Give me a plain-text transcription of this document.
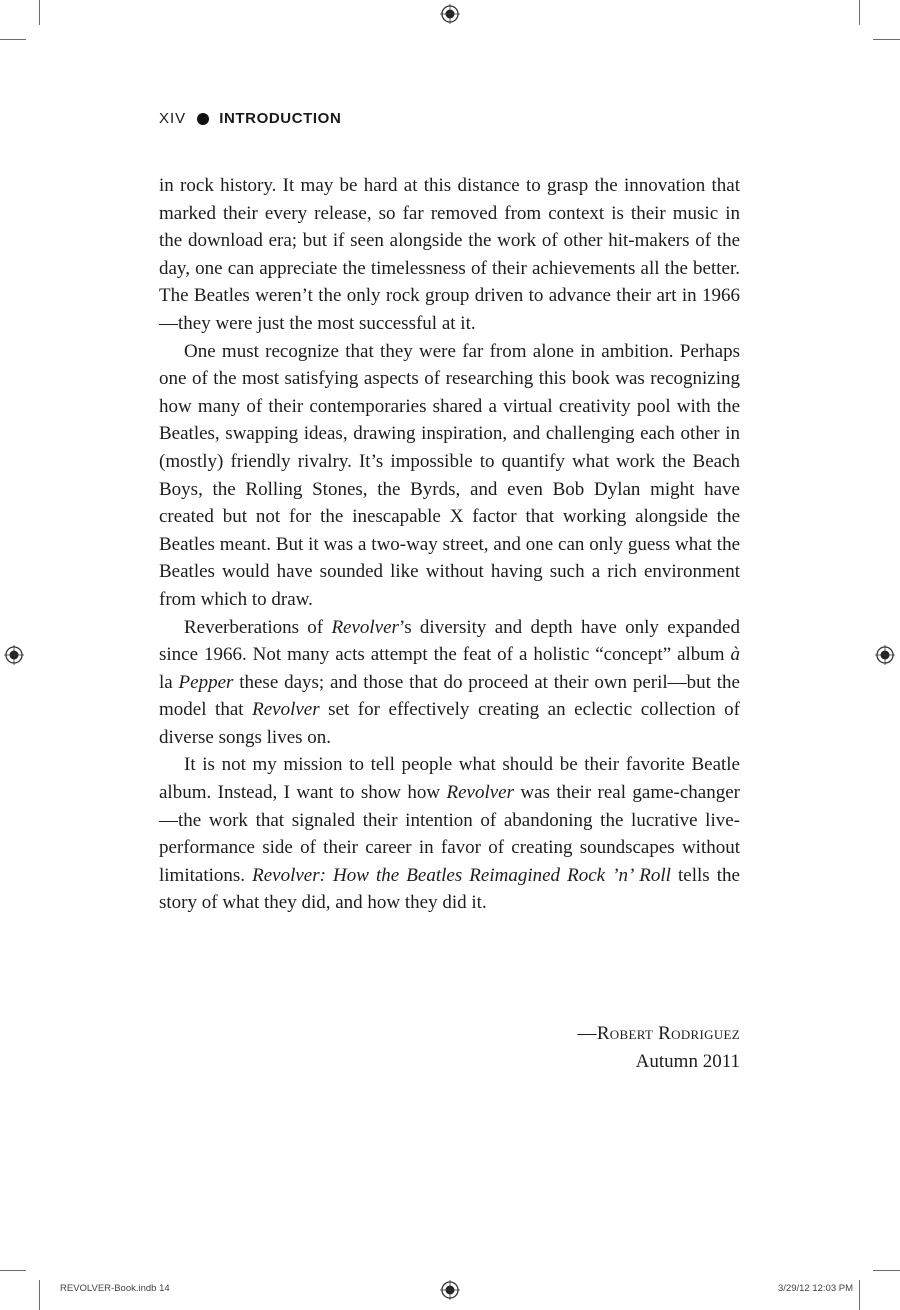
XIV INTRODUCTION

in rock history. It may be hard at this distance to grasp the innovation that marked their every release, so far removed from context is their music in the download era; but if seen alongside the work of other hit-makers of the day, one can appreciate the timelessness of their achievements all the better. The Beatles weren’t the only rock group driven to advance their art in 1966—they were just the most successful at it.

One must recognize that they were far from alone in ambition. Perhaps one of the most satisfying aspects of researching this book was recognizing how many of their contemporaries shared a virtual creativity pool with the Beatles, swapping ideas, drawing inspiration, and challenging each other in (mostly) friendly rivalry. It’s impossible to quantify what work the Beach Boys, the Rolling Stones, the Byrds, and even Bob Dylan might have created but not for the inescapable X factor that working alongside the Beatles meant. But it was a two-way street, and one can only guess what the Beatles would have sounded like without having such a rich environment from which to draw.

Reverberations of Revolver’s diversity and depth have only expanded since 1966. Not many acts attempt the feat of a holistic “concept” album à la Pepper these days; and those that do proceed at their own peril—but the model that Revolver set for effectively creating an eclectic collection of diverse songs lives on.

It is not my mission to tell people what should be their favorite Beatle album. Instead, I want to show how Revolver was their real game-changer—the work that signaled their intention of abandoning the lucrative live-performance side of their career in favor of creating soundscapes without limitations. Revolver: How the Beatles Reimagined Rock ’n’ Roll tells the story of what they did, and how they did it.

—Robert Rodriguez
Autumn 2011
REVOLVER-Book.indb 14	3/29/12 12:03 PM
